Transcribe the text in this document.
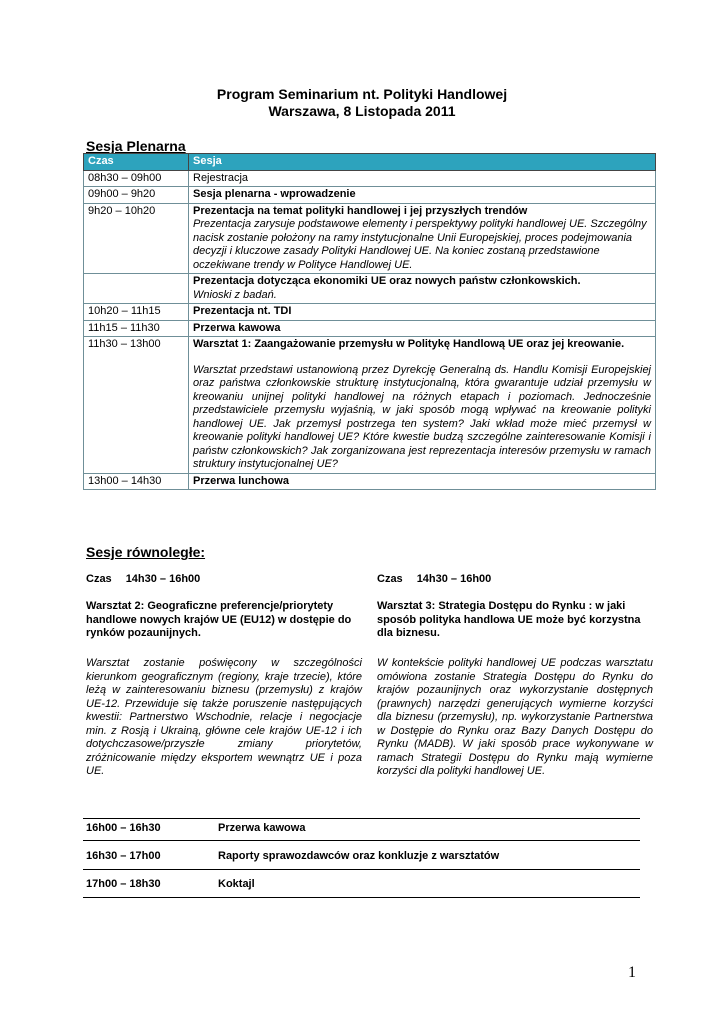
Program Seminarium nt. Polityki Handlowej
Warszawa, 8 Listopada 2011
Sesja Plenarna
Czas	Sesja
08h30 – 09h00	Rejestracja
09h00 – 9h20	Sesja plenarna - wprowadzenie
9h20 – 10h20	Prezentacja na temat polityki handlowej i jej przyszłych trendów
Prezentacja zarysuje podstawowe elementy i perspektywy polityki handlowej UE. Szczególny nacisk zostanie położony na ramy instytucjonalne Unii Europejskiej, proces podejmowania decyzji i kluczowe zasady Polityki Handlowej UE. Na koniec zostaną przedstawione oczekiwane trendy w Polityce Handlowej UE.

	Prezentacja dotycząca ekonomiki UE oraz nowych państw członkowskich.
Wnioski z badań.

10h20 – 11h15	Prezentacja nt. TDI
11h15 – 11h30	Przerwa kawowa
11h30 – 13h00	Warsztat 1: Zaangażowanie przemysłu w Politykę Handlową UE oraz jej kreowanie.
Warsztat przedstawi ustanowioną przez Dyrekcję Generalną ds. Handlu Komisji Europejskiej oraz państwa członkowskie strukturę instytucjonalną, która gwarantuje udział przemysłu w kreowaniu unijnej polityki handlowej na różnych etapach i poziomach. Jednocześnie przedstawiciele przemysłu wyjaśnią, w jaki sposób mogą wpływać na kreowanie polityki handlowej UE. Jak przemysł postrzega ten system? Jaki wkład może mieć przemysł w kreowanie polityki handlowej UE? Które kwestie budzą szczególne zainteresowanie Komisji i państw członkowskich? Jak zorganizowana jest reprezentacja interesów przemysłu w ramach struktury instytucjonalnej UE?

13h00 – 14h30	Przerwa lunchowa
Sesje równoległe:
Czas 14h30 – 16h00	Czas 14h30 – 16h00
Warsztat 2: Geograficzne preferencje/priorytety handlowe nowych krajów UE (EU12) w dostępie do rynków pozaunijnych.
Warsztat 3: Strategia Dostępu do Rynku : w jaki sposób polityka handlowa UE może być korzystna dla biznesu.
Warsztat zostanie poświęcony w szczególności kierunkom geograficznym (regiony, kraje trzecie), które leżą w zainteresowaniu biznesu (przemysłu) z krajów UE-12. Przewiduje się także poruszenie następujących kwestii: Partnerstwo Wschodnie, relacje i negocjacje min. z Rosją i Ukrainą, główne cele krajów UE-12 i ich dotychczasowe/przyszłe zmiany priorytetów, zróżnicowanie między eksportem wewnątrz UE i poza UE.
W kontekście polityki handlowej UE podczas warsztatu omówiona zostanie Strategia Dostępu do Rynku do krajów pozaunijnych oraz wykorzystanie dostępnych (prawnych) narzędzi generujących wymierne korzyści dla biznesu (przemysłu), np. wykorzystanie Partnerstwa w Dostępie do Rynku oraz Bazy Danych Dostępu do Rynku (MADB). W jaki sposób prace wykonywane w ramach Strategii Dostępu do Rynku mają wymierne korzyści dla polityki handlowej UE.
16h00 – 16h30	Przerwa kawowa
16h30 – 17h00	Raporty sprawozdawców oraz konkluzje z warsztatów
17h00 – 18h30	Koktajl
1
